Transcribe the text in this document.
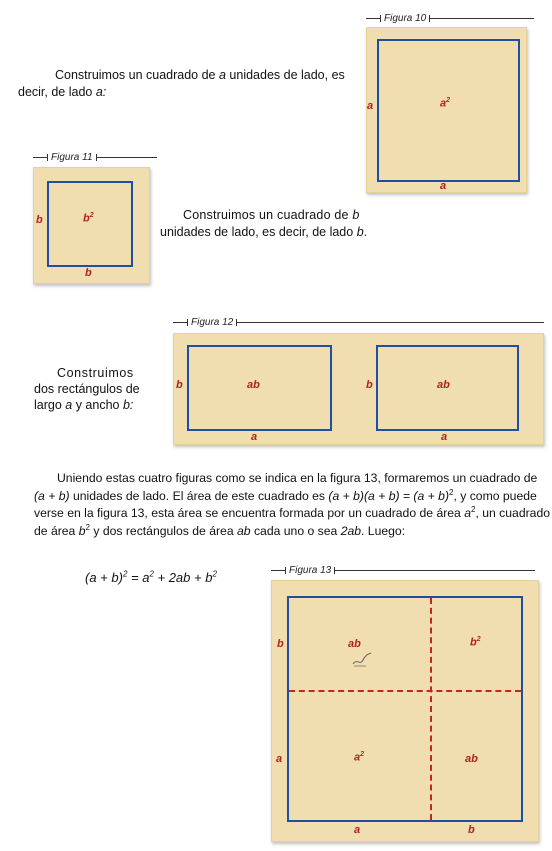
Figura 10
a	$a^2$
a
Construimos un cuadrado de a unidades de lado, es
decir, de lado a:
Figura 11
b	$b^2$
b
Construimos un cuadrado de b
unidades de lado, es decir, de lado b.
Figura 12
b	ab
a
b	ab
a
Construimos
dos rectángulos de
largo a y ancho b:
Uniendo estas cuatro figuras como se indica en la figura 13, formaremos un cuadrado de
(a + b) unidades de lado. El área de este cuadrado es $(a + b)(a + b) = (a + b)^2$, y como puede
verse en la figura 13, esta área se encuentra formada por un cuadrado de área $a^2$, un cuadrado
de área $b^2$ y dos rectángulos de área ab cada uno o sea 2ab. Luego:
$(a + b)^2 = a^2 + 2ab + b^2$	Figura 13
b
a
a	b
ab	$b^2$
$a^2$	ab
